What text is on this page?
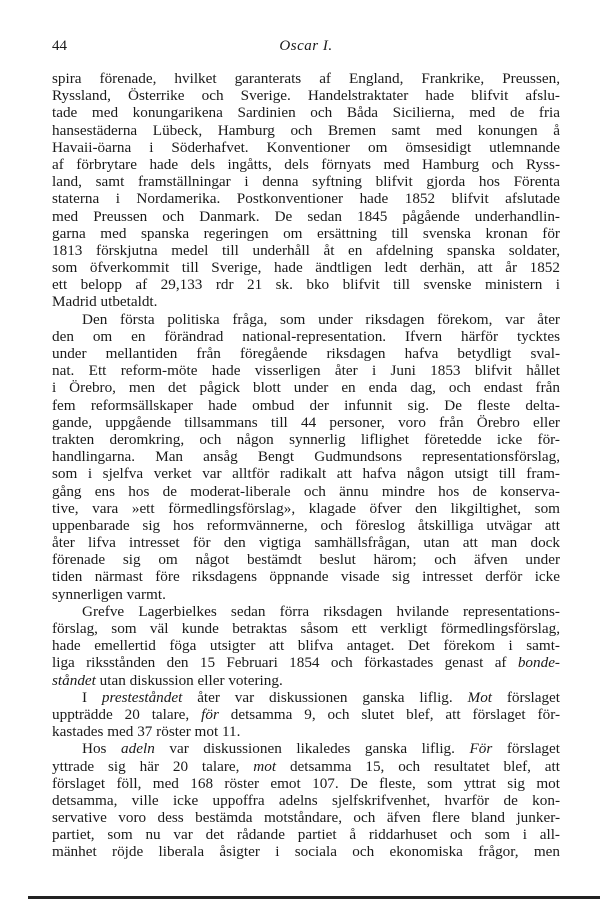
44	Oscar I.
spira förenade, hvilket garanterats af England, Frankrike, Preussen,
Ryssland, Österrike och Sverige. Handelstraktater hade blifvit afslu-
tade med konungarikena Sardinien och Båda Sicilierna, med de fria
hansestäderna Lübeck, Hamburg och Bremen samt med konungen å
Havaii-öarna i Söderhafvet. Konventioner om ömsesidigt utlemnande
af förbrytare hade dels ingåtts, dels förnyats med Hamburg och Ryss-
land, samt framställningar i denna syftning blifvit gjorda hos Förenta
staterna i Nordamerika. Postkonventioner hade 1852 blifvit afslutade
med Preussen och Danmark. De sedan 1845 pågående underhandlin-
garna med spanska regeringen om ersättning till svenska kronan för
1813 förskjutna medel till underhåll åt en afdelning spanska soldater,
som öfverkommit till Sverige, hade ändtligen ledt derhän, att år 1852
ett belopp af 29,133 rdr 21 sk. bko blifvit till svenske ministern i
Madrid utbetaldt.
Den första politiska fråga, som under riksdagen förekom, var åter
den om en förändrad national-representation. Ifvern härför tycktes
under mellantiden från föregående riksdagen hafva betydligt sval-
nat. Ett reform-möte hade visserligen åter i Juni 1853 blifvit hållet
i Örebro, men det pågick blott under en enda dag, och endast från
fem reformsällskaper hade ombud der infunnit sig. De fleste delta-
gande, uppgående tillsammans till 44 personer, voro från Örebro eller
trakten deromkring, och någon synnerlig liflighet företedde icke för-
handlingarna. Man ansåg Bengt Gudmundsons representationsförslag,
som i sjelfva verket var alltför radikalt att hafva någon utsigt till fram-
gång ens hos de moderat-liberale och ännu mindre hos de konserva-
tive, vara »ett förmedlingsförslag», klagade öfver den likgiltighet, som
uppenbarade sig hos reformvännerne, och föreslog åtskilliga utvägar att
åter lifva intresset för den vigtiga samhällsfrågan, utan att man dock
förenade sig om något bestämdt beslut härom; och äfven under
tiden närmast före riksdagens öppnande visade sig intresset derför icke
synnerligen varmt.
Grefve Lagerbielkes sedan förra riksdagen hvilande representations-
förslag, som väl kunde betraktas såsom ett verkligt förmedlingsförslag,
hade emellertid föga utsigter att blifva antaget. Det förekom i samt-
liga riksstånden den 15 Februari 1854 och förkastades genast af bonde-
ståndet utan diskussion eller votering.
I presteståndet åter var diskussionen ganska liflig. Mot förslaget
uppträdde 20 talare, för detsamma 9, och slutet blef, att förslaget för-
kastades med 37 röster mot 11.
Hos adeln var diskussionen likaledes ganska liflig. För förslaget
yttrade sig här 20 talare, mot detsamma 15, och resultatet blef, att
förslaget föll, med 168 röster emot 107. De fleste, som yttrat sig mot
detsamma, ville icke uppoffra adelns sjelfskrifvenhet, hvarför de kon-
servative voro dess bestämda motståndare, och äfven flere bland junker-
partiet, som nu var det rådande partiet å riddarhuset och som i all-
mänhet röjde liberala åsigter i sociala och ekonomiska frågor, men
